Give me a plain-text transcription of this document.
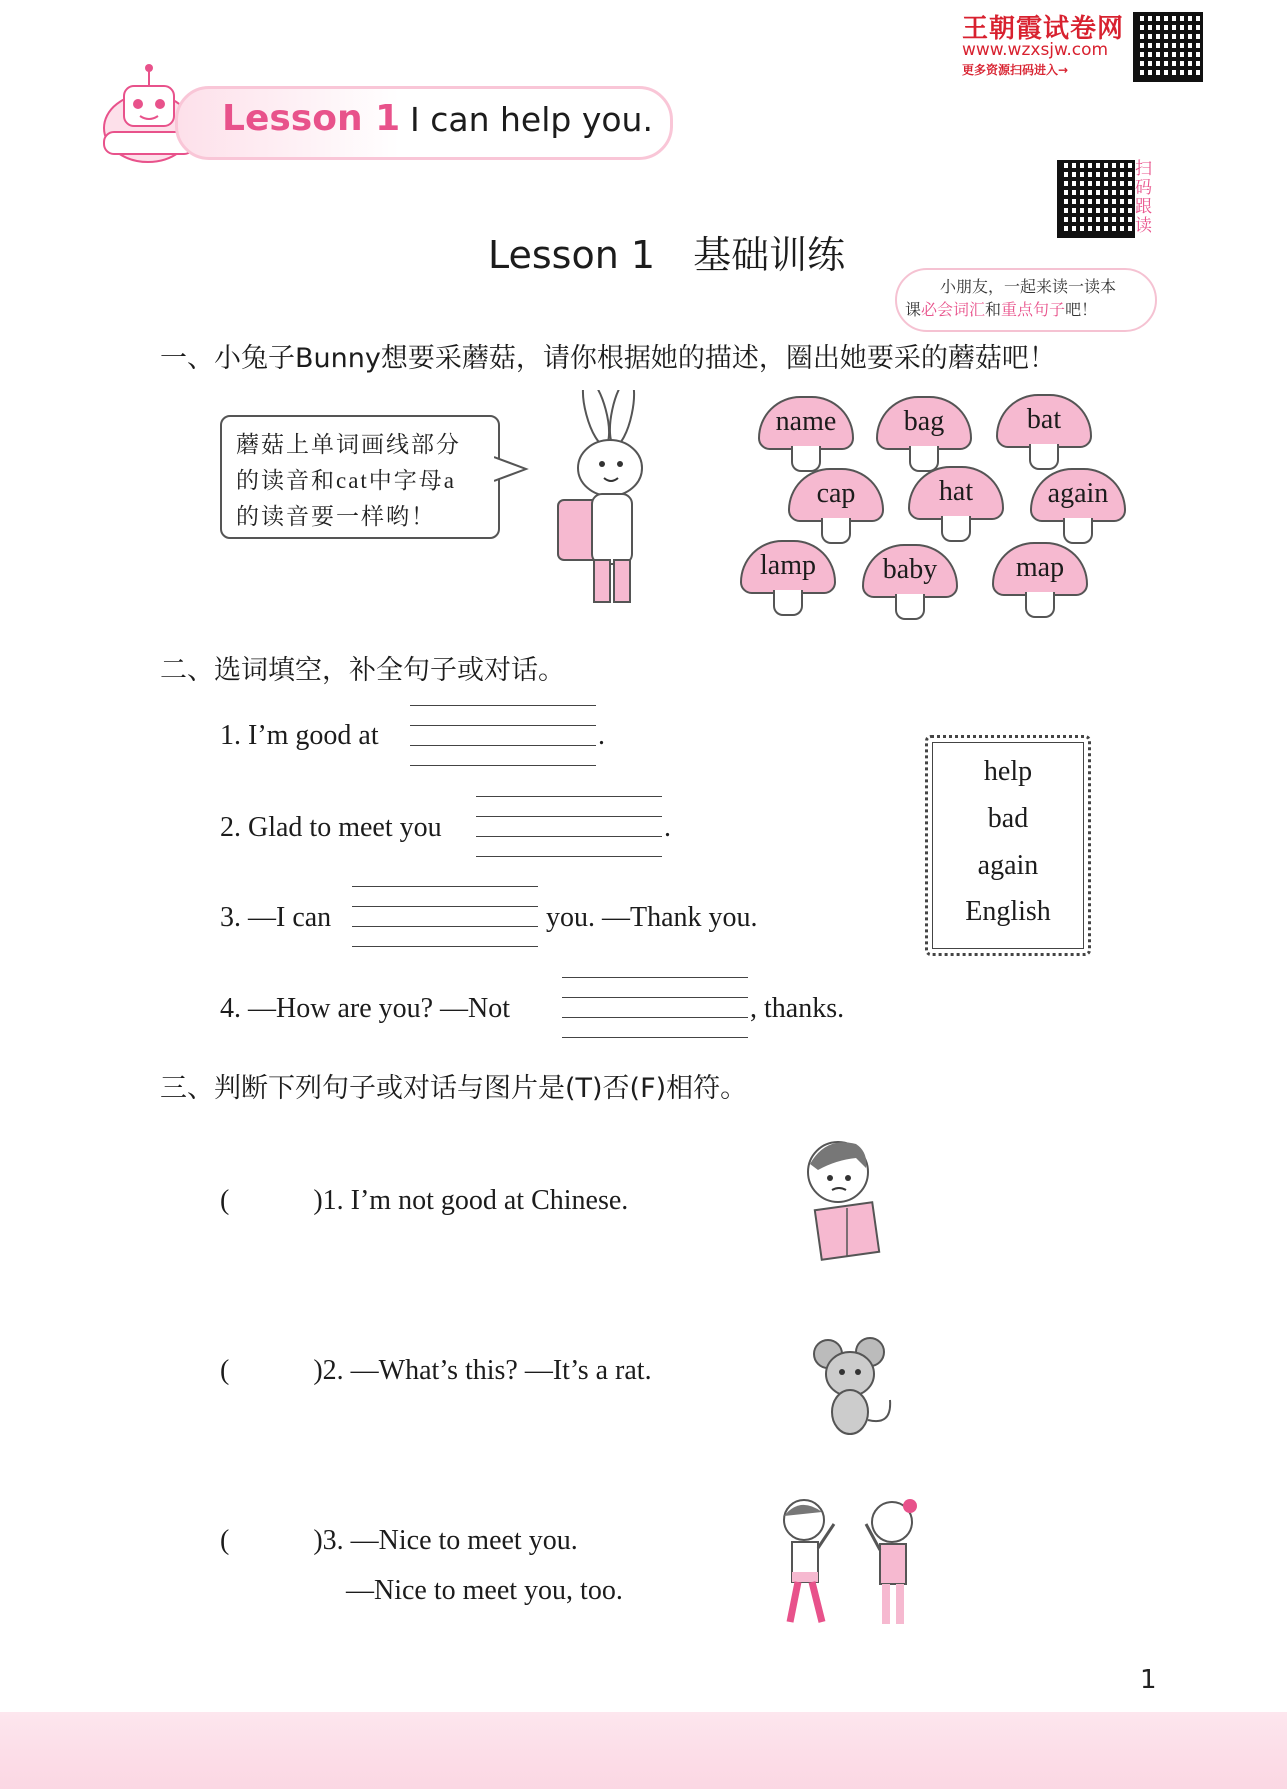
Lesson 1 I can help you.
王朝霞试卷网
www.wzxsjw.com
更多资源扫码进入→
扫码跟读
Lesson 1　基础训练
小朋友，一起来读一读本
课必会词汇和重点句子吧！
一、小兔子Bunny想要采蘑菇，请你根据她的描述，圈出她要采的蘑菇吧！
蘑菇上单词画线部分
的读音和cat中字母a
的读音要一样哟！
name	bag	bat
cap	hat	again
lamp	baby	map
二、选词填空，补全句子或对话。
1. I’m good at	.
2. Glad to meet you	.
3. —I can	you. —Thank you.
4. —How are you? —Not	, thanks.
help
bad
again
English
三、判断下列句子或对话与图片是(T)否(F)相符。
(　　　)1. I’m not good at Chinese.
(　　　)2. —What’s this? —It’s a rat.
(　　　)3. —Nice to meet you.
—Nice to meet you, too.
1
